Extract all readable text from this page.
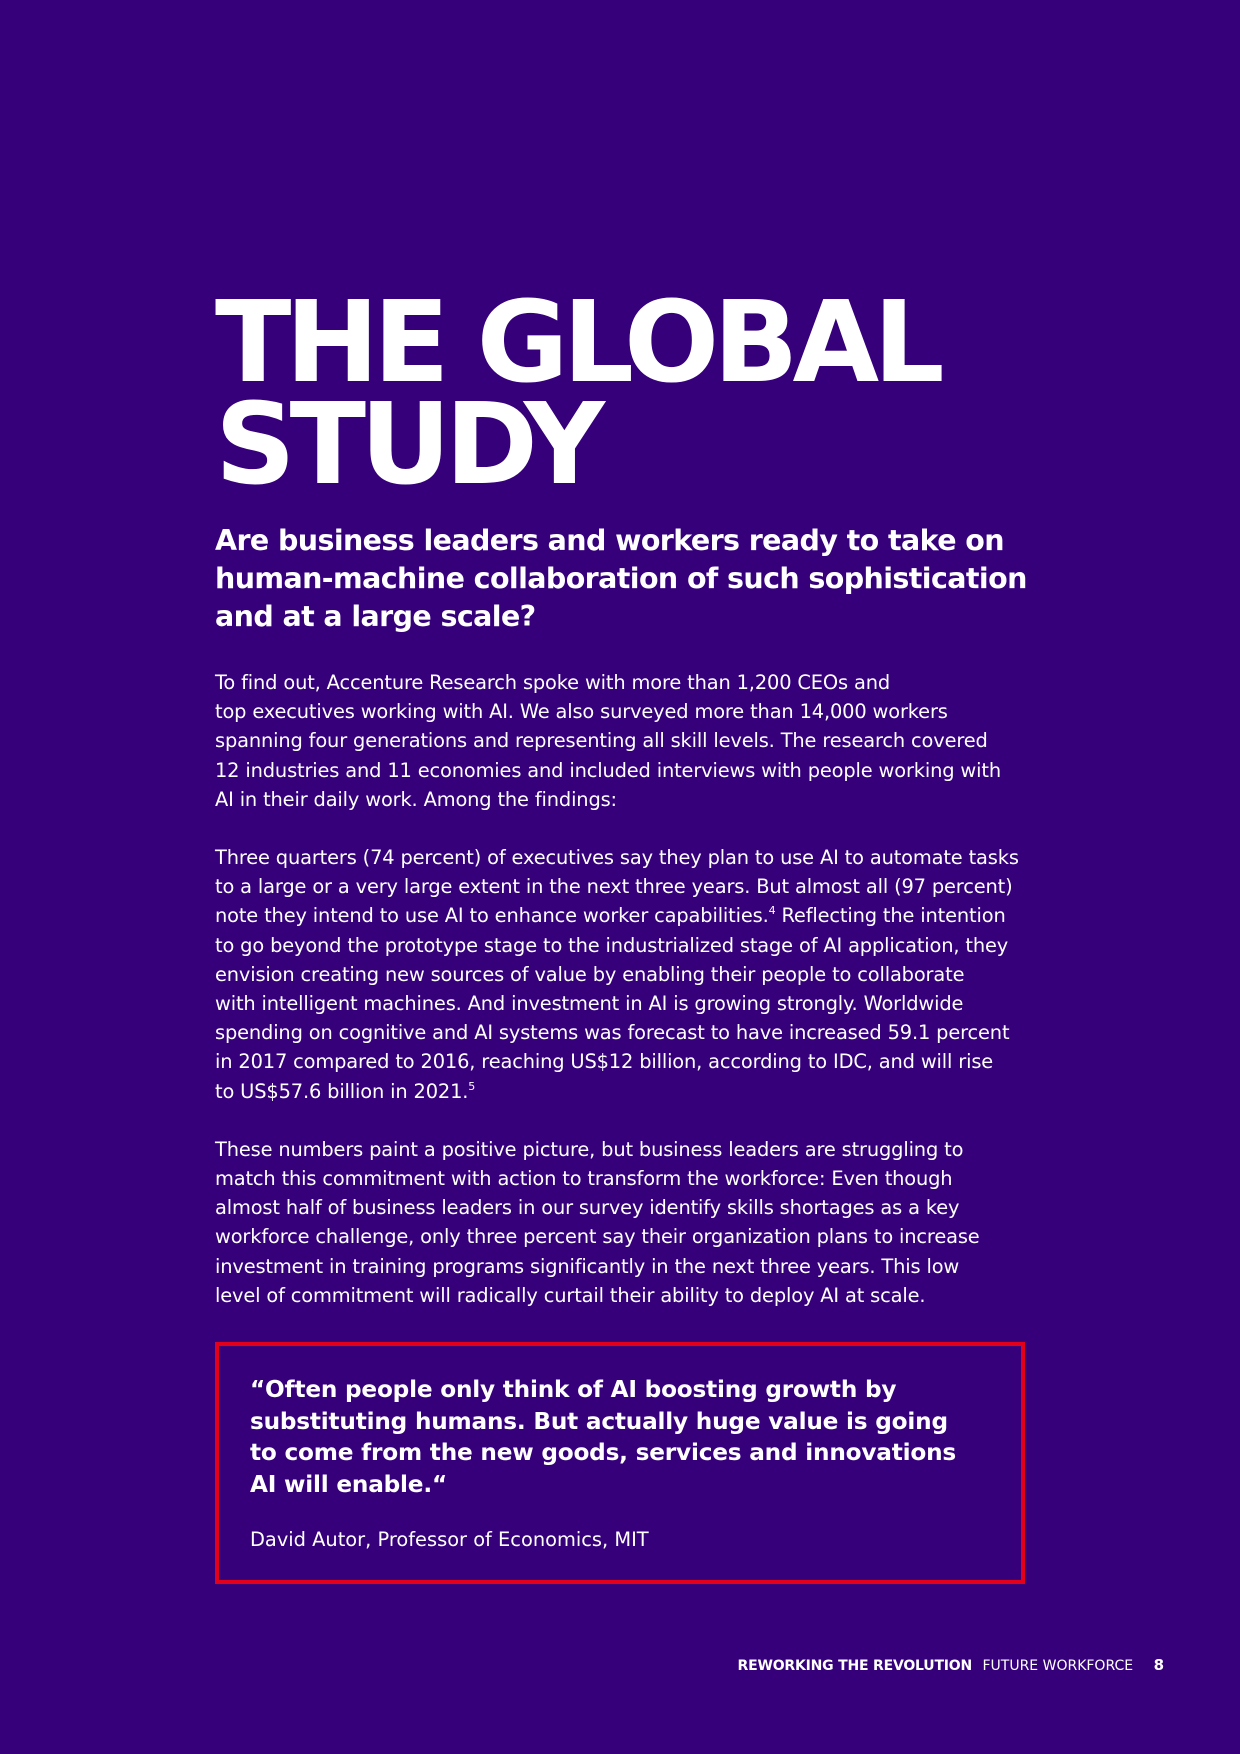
THE GLOBAL
STUDY
Are business leaders and workers ready to take on
human-machine collaboration of such sophistication
and at a large scale?

To find out, Accenture Research spoke with more than 1,200 CEOs and
top executives working with AI. We also surveyed more than 14,000 workers
spanning four generations and representing all skill levels. The research covered
12 industries and 11 economies and included interviews with people working with
AI in their daily work. Among the findings:

Three quarters (74 percent) of executives say they plan to use AI to automate tasks
to a large or a very large extent in the next three years. But almost all (97 percent)
note they intend to use AI to enhance worker capabilities.$^4$ Reflecting the intention
to go beyond the prototype stage to the industrialized stage of AI application, they
envision creating new sources of value by enabling their people to collaborate
with intelligent machines. And investment in AI is growing strongly. Worldwide
spending on cognitive and AI systems was forecast to have increased 59.1 percent
in 2017 compared to 2016, reaching US$12 billion, according to IDC, and will rise
to US$57.6 billion in 2021.$^5$

These numbers paint a positive picture, but business leaders are struggling to
match this commitment with action to transform the workforce: Even though
almost half of business leaders in our survey identify skills shortages as a key
workforce challenge, only three percent say their organization plans to increase
investment in training programs significantly in the next three years. This low
level of commitment will radically curtail their ability to deploy AI at scale.

“Often people only think of AI boosting growth by
substituting humans. But actually huge value is going
to come from the new goods, services and innovations
AI will enable.“

David Autor, Professor of Economics, MIT

REWORKING THE REVOLUTION FUTURE WORKFORCE 8
